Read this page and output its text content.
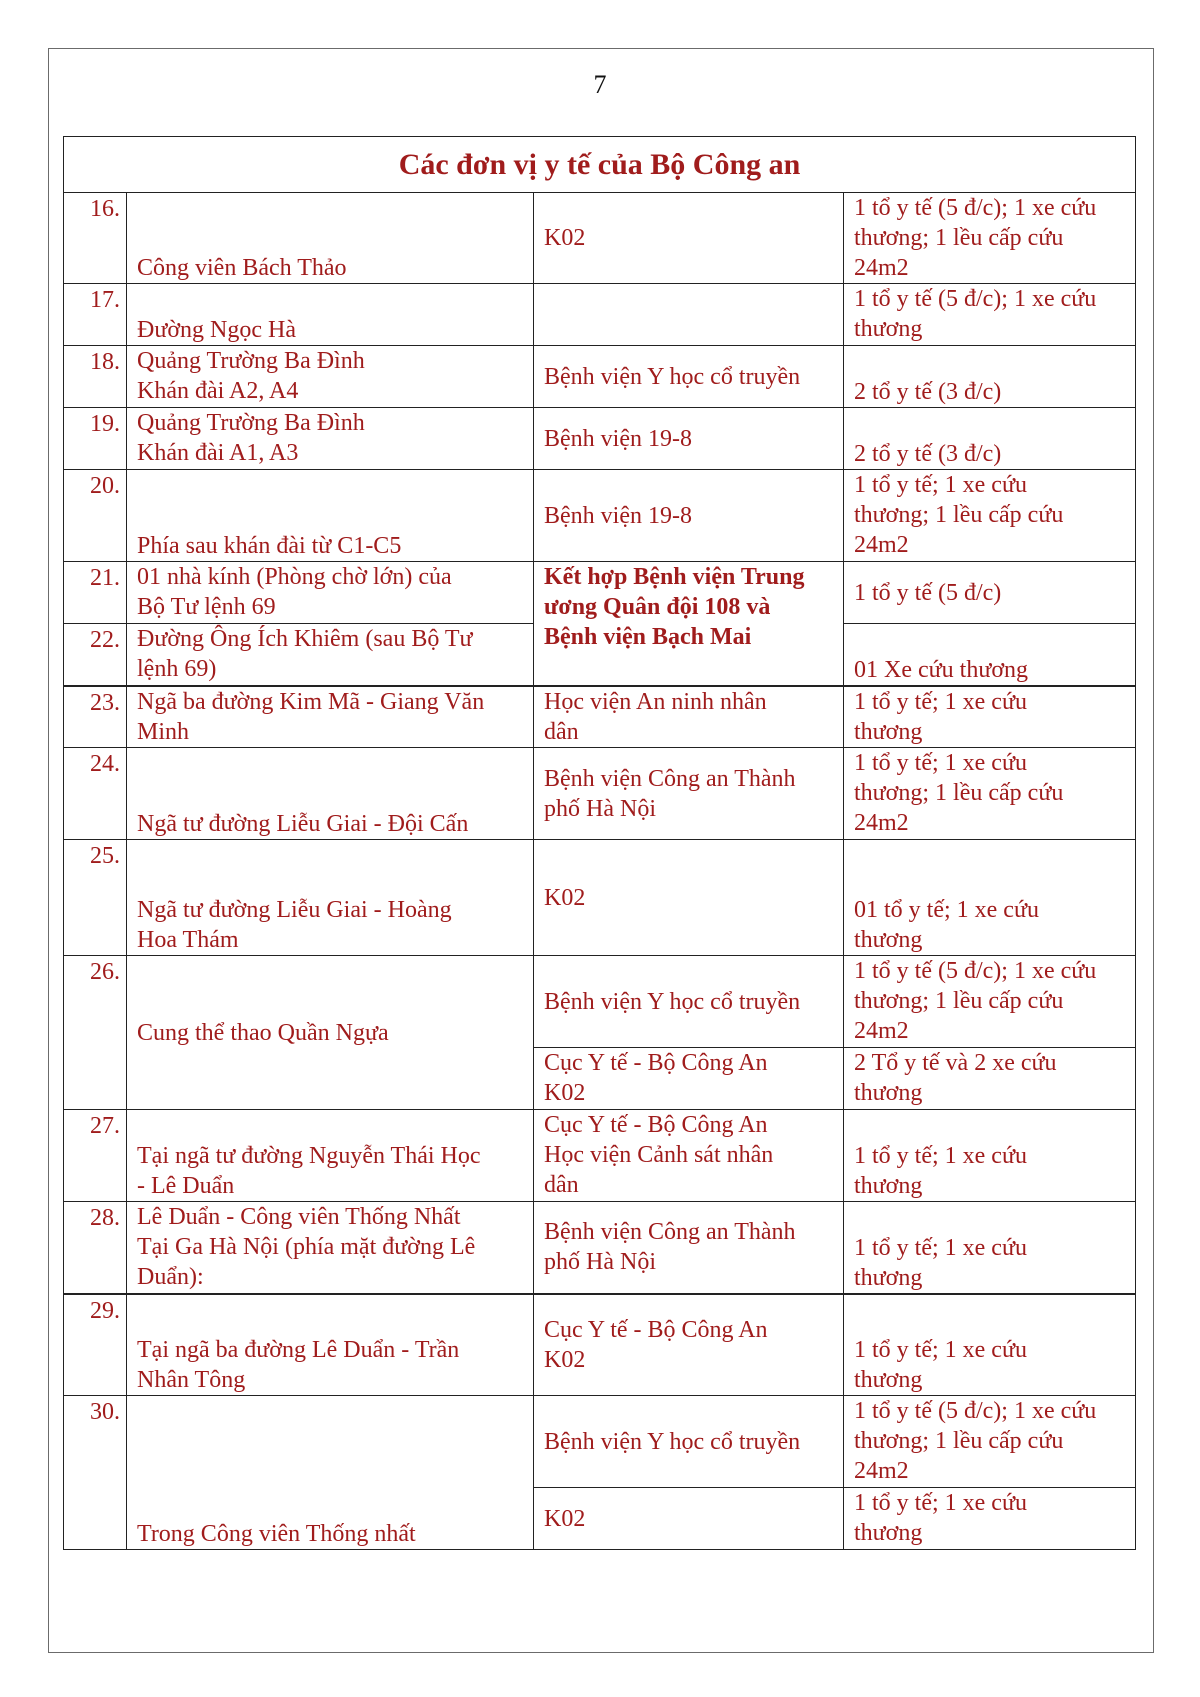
7
Các đơn vị y tế của Bộ Công an			
16.	Công viên Bách Thảo	K02	1 tổ y tế (5 đ/c); 1 xe cứu
thương; 1 lều cấp cứu
24m2
17.	Đường Ngọc Hà		1 tổ y tế (5 đ/c); 1 xe cứu
thương
18.	Quảng Trường Ba Đình
Khán đài A2, A4	Bệnh viện Y học cổ truyền	2 tổ y tế (3 đ/c)
19.	Quảng Trường Ba Đình
Khán đài A1, A3	Bệnh viện 19-8	2 tổ y tế (3 đ/c)
20.	Phía sau khán đài từ C1-C5	Bệnh viện 19-8	1 tổ y tế; 1 xe cứu
thương; 1 lều cấp cứu
24m2
21.	01 nhà kính (Phòng chờ lớn) của
Bộ Tư lệnh 69	Kết hợp Bệnh viện Trung
ương Quân đội 108 và
Bệnh viện Bạch Mai	1 tổ y tế (5 đ/c)
22.	Đường Ông Ích Khiêm (sau Bộ Tư
lệnh 69)		01 Xe cứu thương
23.	Ngã ba đường Kim Mã - Giang Văn
Minh	Học viện An ninh nhân
dân	1 tổ y tế; 1 xe cứu
thương
24.	Ngã tư đường Liễu Giai - Đội Cấn	Bệnh viện Công an Thành
phố Hà Nội	1 tổ y tế; 1 xe cứu
thương; 1 lều cấp cứu
24m2
25.	Ngã tư đường Liễu Giai - Hoàng
Hoa Thám	K02	01 tổ y tế; 1 xe cứu
thương
26.	Cung thể thao Quần Ngựa	Bệnh viện Y học cổ truyền	1 tổ y tế (5 đ/c); 1 xe cứu
thương; 1 lều cấp cứu
24m2
		Cục Y tế - Bộ Công An
K02	2 Tổ y tế và 2 xe cứu
thương
27.	Tại ngã tư đường Nguyễn Thái Học
- Lê Duẩn	Cục Y tế - Bộ Công An
Học viện Cảnh sát nhân
dân	1 tổ y tế; 1 xe cứu
thương
28.	Lê Duẩn - Công viên Thống Nhất
Tại Ga Hà Nội (phía mặt đường Lê
Duẩn):	Bệnh viện Công an Thành
phố Hà Nội	1 tổ y tế; 1 xe cứu
thương
29.	Tại ngã ba đường Lê Duẩn - Trần
Nhân Tông	Cục Y tế - Bộ Công An
K02	1 tổ y tế; 1 xe cứu
thương
30.	Trong Công viên Thống nhất	Bệnh viện Y học cổ truyền	1 tổ y tế (5 đ/c); 1 xe cứu
thương; 1 lều cấp cứu
24m2
		K02	1 tổ y tế; 1 xe cứu
thương
